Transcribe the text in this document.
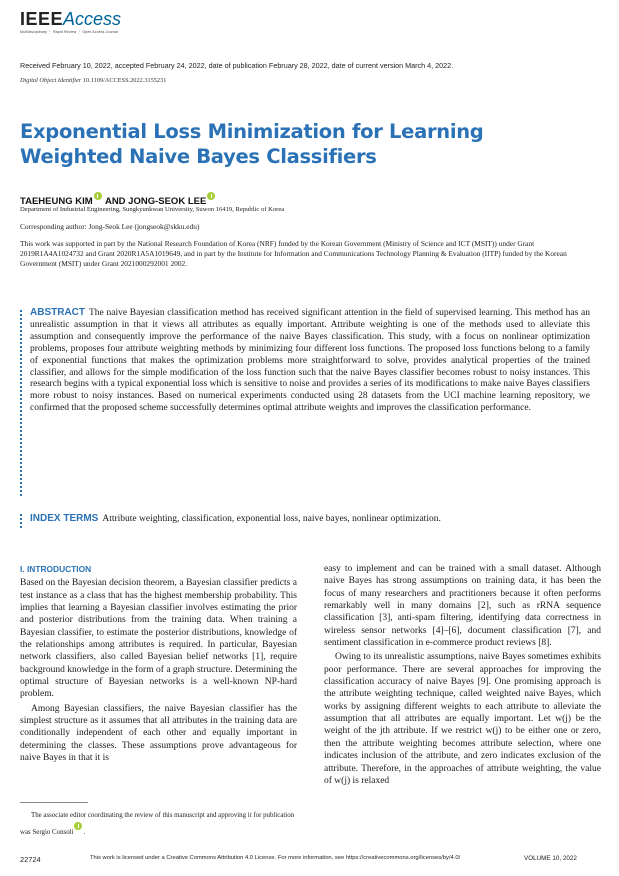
IEEEAccess
Multidisciplinary ⋮ Rapid Review ⋮ Open Access Journal
Received February 10, 2022, accepted February 24, 2022, date of publication February 28, 2022, date of current version March 4, 2022.
Digital Object Identifier 10.1109/ACCESS.2022.3155231
Exponential Loss Minimization for Learning Weighted Naive Bayes Classifiers
TAEHEUNG KIM AND JONG-SEOK LEE
Department of Industrial Engineering, Sungkyunkwan University, Suwon 16419, Republic of Korea
Corresponding author: Jong-Seok Lee (jongseok@skku.edu)
This work was supported in part by the National Research Foundation of Korea (NRF) funded by the Korean Government (Ministry of Science and ICT (MSIT)) under Grant 2019R1A4A1024732 and Grant 2020R1A5A1019649, and in part by the Institute for Information and Communications Technology Planning & Evaluation (IITP) funded by the Korean Government (MSIT) under Grant 2021000292001 2002.
ABSTRACT The naive Bayesian classification method has received significant attention in the field of supervised learning. This method has an unrealistic assumption in that it views all attributes as equally important. Attribute weighting is one of the methods used to alleviate this assumption and consequently improve the performance of the naive Bayes classification. This study, with a focus on nonlinear optimization problems, proposes four attribute weighting methods by minimizing four different loss functions. The proposed loss functions belong to a family of exponential functions that makes the optimization problems more straightforward to solve, provides analytical properties of the trained classifier, and allows for the simple modification of the loss function such that the naive Bayes classifier becomes robust to noisy instances. This research begins with a typical exponential loss which is sensitive to noise and provides a series of its modifications to make naive Bayes classifiers more robust to noisy instances. Based on numerical experiments conducted using 28 datasets from the UCI machine learning repository, we confirmed that the proposed scheme successfully determines optimal attribute weights and improves the classification performance.
INDEX TERMS Attribute weighting, classification, exponential loss, naive bayes, nonlinear optimization.
I. INTRODUCTION

Based on the Bayesian decision theorem, a Bayesian classifier predicts a test instance as a class that has the highest membership probability. This implies that learning a Bayesian classifier involves estimating the prior and posterior distributions from the training data. When training a Bayesian classifier, to estimate the posterior distributions, knowledge of the relationships among attributes is required. In particular, Bayesian network classifiers, also called Bayesian belief networks [1], require background knowledge in the form of a graph structure. Determining the optimal structure of Bayesian networks is a well-known NP-hard problem.

Among Bayesian classifiers, the naive Bayesian classifier has the simplest structure as it assumes that all attributes in the training data are conditionally independent of each other and equally important in determining the classes. These assumptions prove advantageous for naive Bayes in that it is

easy to implement and can be trained with a small dataset. Although naive Bayes has strong assumptions on training data, it has been the focus of many researchers and practitioners because it often performs remarkably well in many domains [2], such as rRNA sequence classification [3], anti-spam filtering, identifying data correctness in wireless sensor networks [4]–[6], document classification [7], and sentiment classification in e-commerce product reviews [8].

Owing to its unrealistic assumptions, naive Bayes sometimes exhibits poor performance. There are several approaches for improving the classification accuracy of naive Bayes [9]. One promising approach is the attribute weighting technique, called weighted naive Bayes, which works by assigning different weights to each attribute to alleviate the assumption that all attributes are equally important. Let w(j) be the weight of the jth attribute. If we restrict w(j) to be either one or zero, then the attribute weighting becomes attribute selection, where one indicates inclusion of the attribute, and zero indicates exclusion of the attribute. Therefore, in the approaches of attribute weighting, the value of w(j) is relaxed

The associate editor coordinating the review of this manuscript and approving it for publication was Sergio Consoli .
22724	This work is licensed under a Creative Commons Attribution 4.0 License. For more information, see https://creativecommons.org/licenses/by/4.0/	VOLUME 10, 2022
